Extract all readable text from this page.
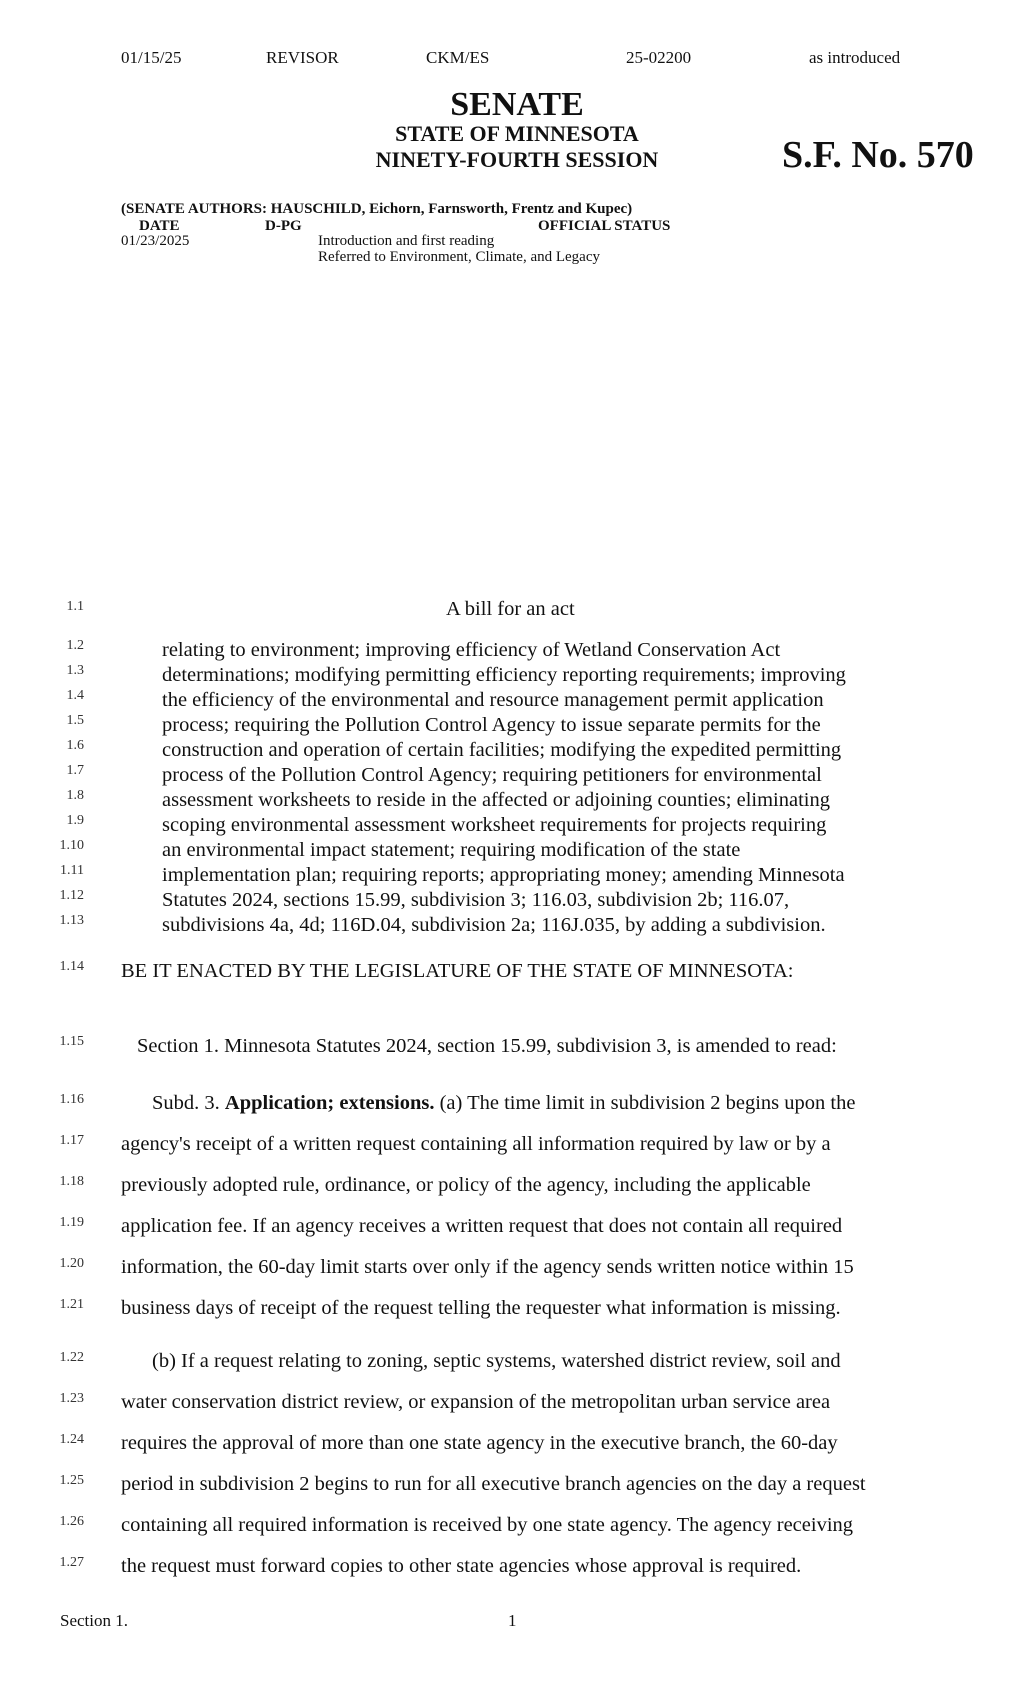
01/15/25	REVISOR	CKM/ES	25-02200	as introduced
SENATE
STATE OF MINNESOTA
NINETY-FOURTH SESSION	S.F. No. 570
(SENATE AUTHORS: HAUSCHILD, Eichorn, Farnsworth, Frentz and Kupec)
DATE	D-PG	OFFICIAL STATUS
01/23/2025	Introduction and first reading
Referred to Environment, Climate, and Legacy
1.1	A bill for an act
1.2	relating to environment; improving efficiency of Wetland Conservation Act
1.3	determinations; modifying permitting efficiency reporting requirements; improving
1.4	the efficiency of the environmental and resource management permit application
1.5	process; requiring the Pollution Control Agency to issue separate permits for the
1.6	construction and operation of certain facilities; modifying the expedited permitting
1.7	process of the Pollution Control Agency; requiring petitioners for environmental
1.8	assessment worksheets to reside in the affected or adjoining counties; eliminating
1.9	scoping environmental assessment worksheet requirements for projects requiring
1.10	an environmental impact statement; requiring modification of the state
1.11	implementation plan; requiring reports; appropriating money; amending Minnesota
1.12	Statutes 2024, sections 15.99, subdivision 3; 116.03, subdivision 2b; 116.07,
1.13	subdivisions 4a, 4d; 116D.04, subdivision 2a; 116J.035, by adding a subdivision.
1.14 BE IT ENACTED BY THE LEGISLATURE OF THE STATE OF MINNESOTA:
1.15	Section 1. Minnesota Statutes 2024, section 15.99, subdivision 3, is amended to read:
1.16	Subd. 3. Application; extensions. (a) The time limit in subdivision 2 begins upon the
1.17 agency's receipt of a written request containing all information required by law or by a
1.18 previously adopted rule, ordinance, or policy of the agency, including the applicable
1.19 application fee. If an agency receives a written request that does not contain all required
1.20 information, the 60-day limit starts over only if the agency sends written notice within 15
1.21 business days of receipt of the request telling the requester what information is missing.
1.22	(b) If a request relating to zoning, septic systems, watershed district review, soil and
1.23 water conservation district review, or expansion of the metropolitan urban service area
1.24 requires the approval of more than one state agency in the executive branch, the 60-day
1.25 period in subdivision 2 begins to run for all executive branch agencies on the day a request
1.26 containing all required information is received by one state agency. The agency receiving
1.27 the request must forward copies to other state agencies whose approval is required.
Section 1.	1
